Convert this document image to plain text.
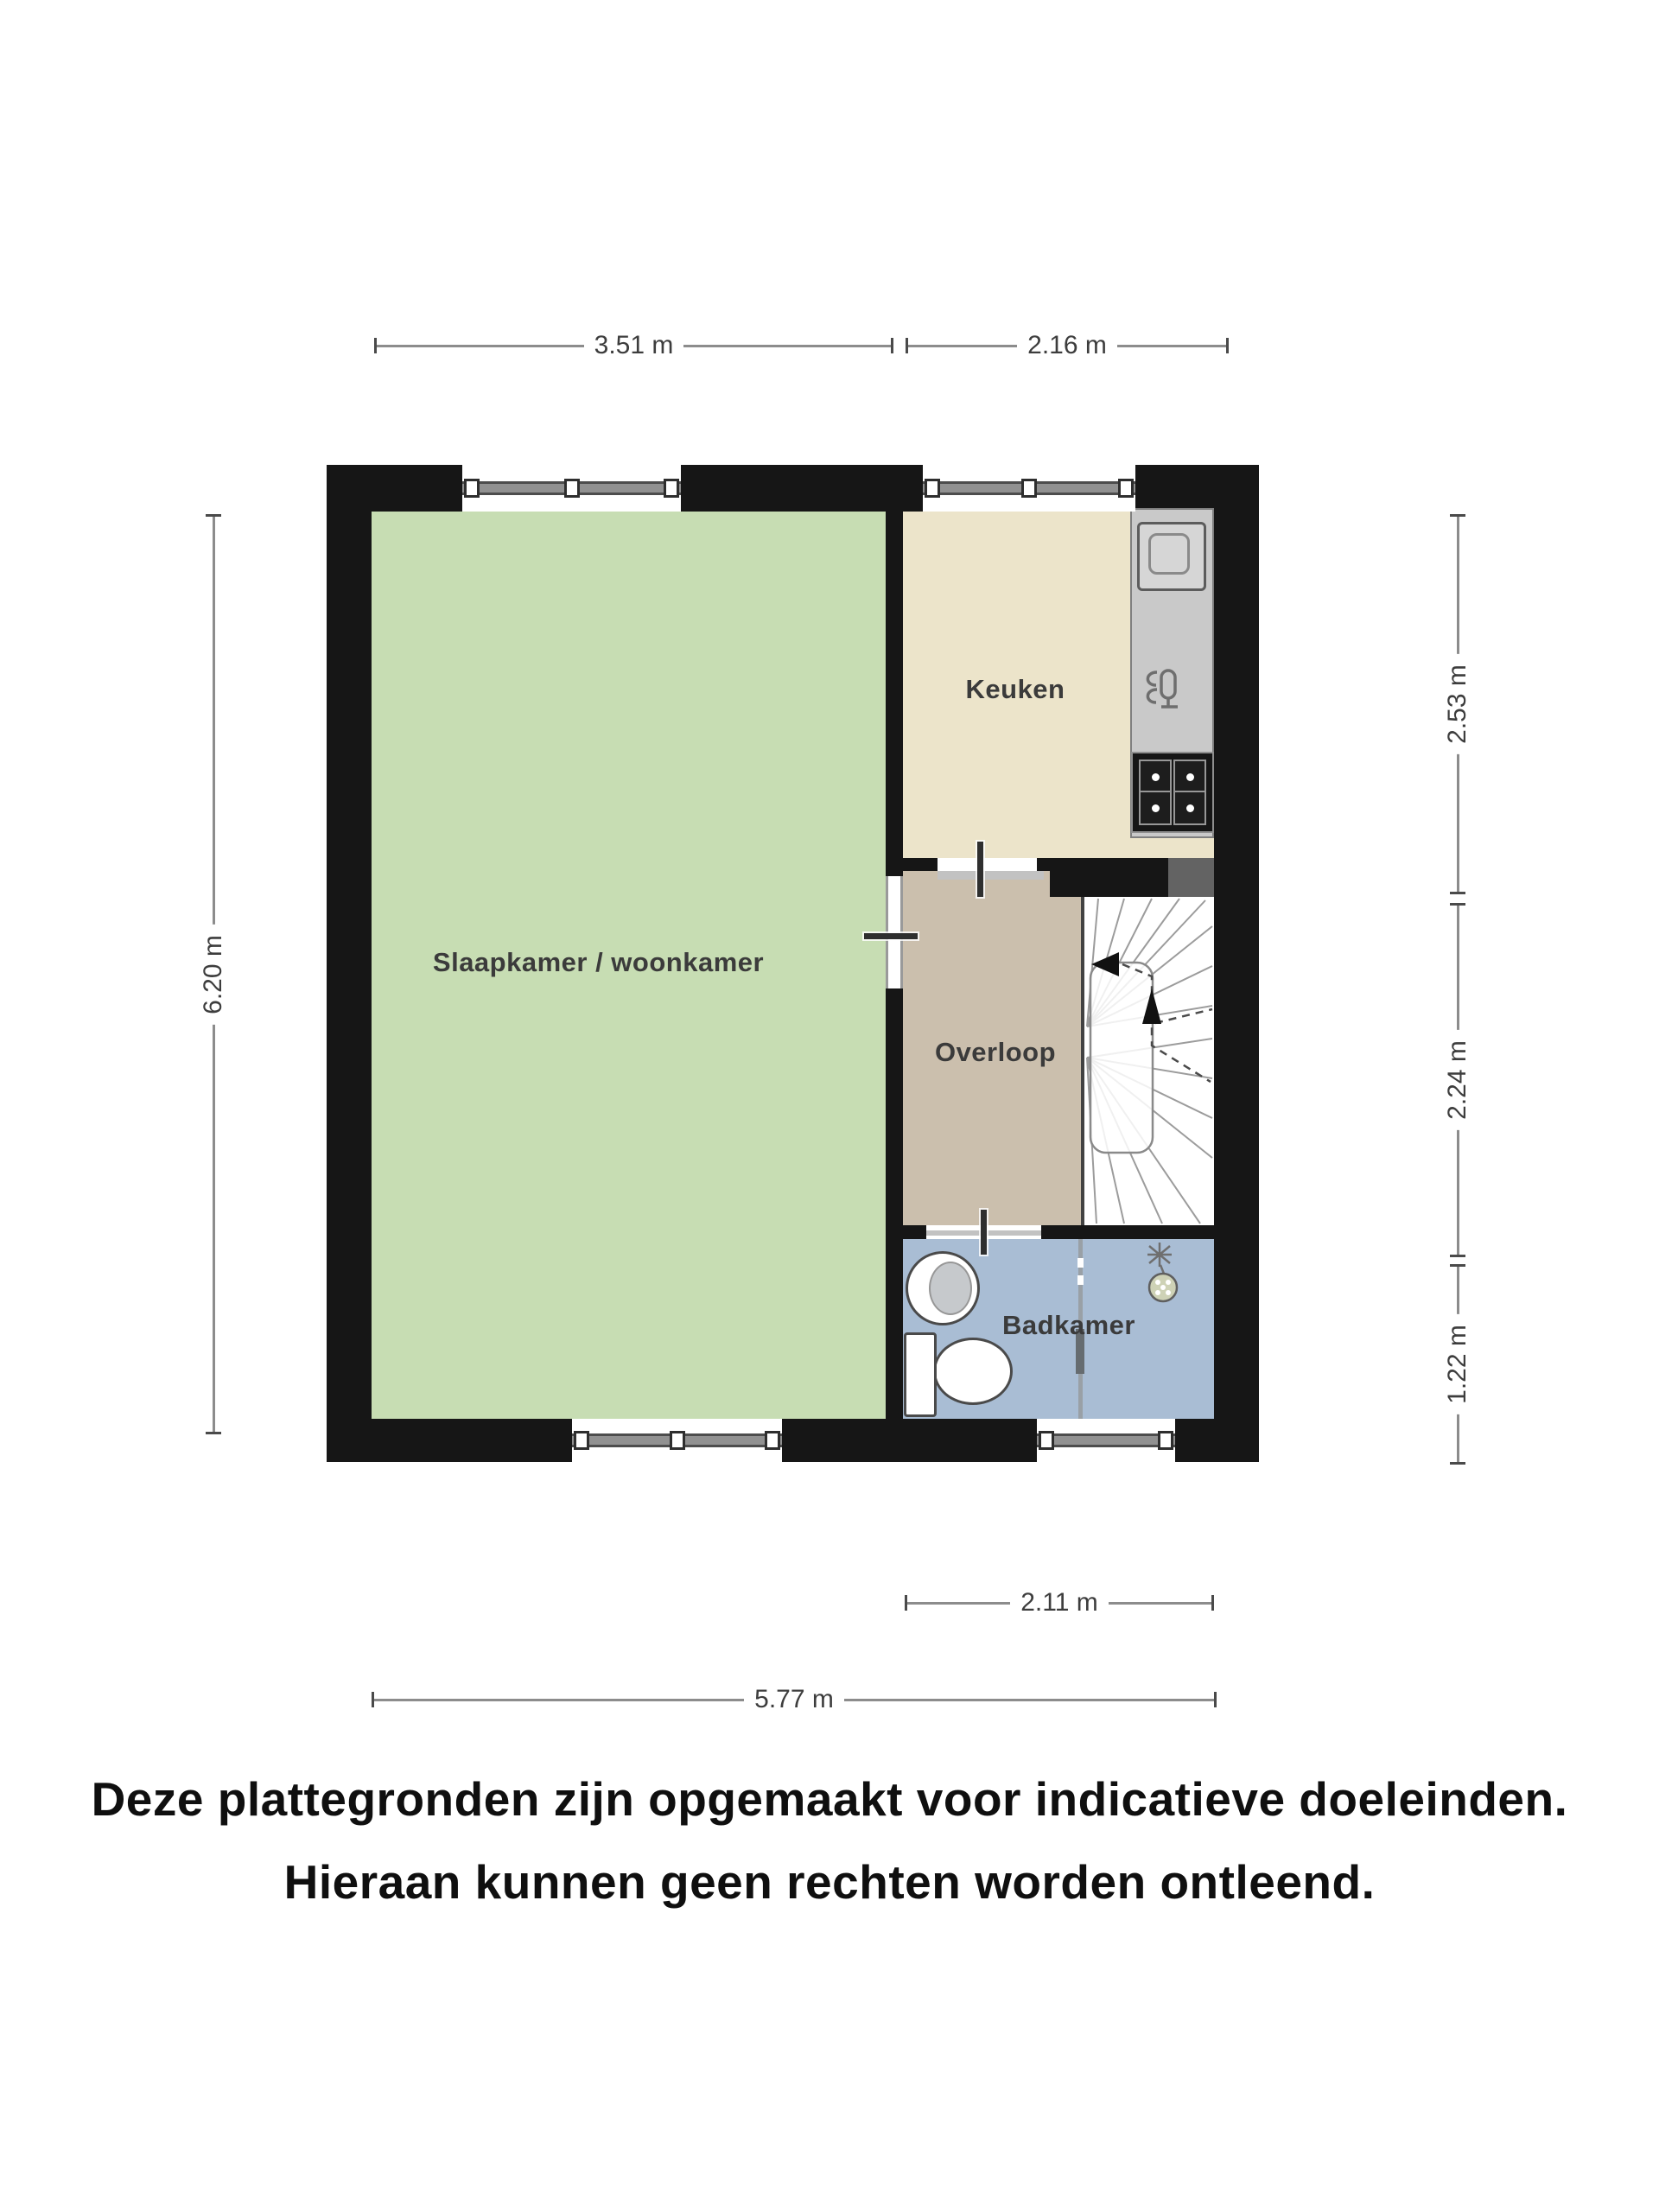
Slaapkamer / woonkamer
Keuken
Overloop
Badkamer
3.51 m	2.16 m
6.20 m
2.53 m
2.24 m
1.22 m
2.11 m
5.77 m
Deze plattegronden zijn opgemaakt voor indicatieve doeleinden.
Hieraan kunnen geen rechten worden ontleend.
